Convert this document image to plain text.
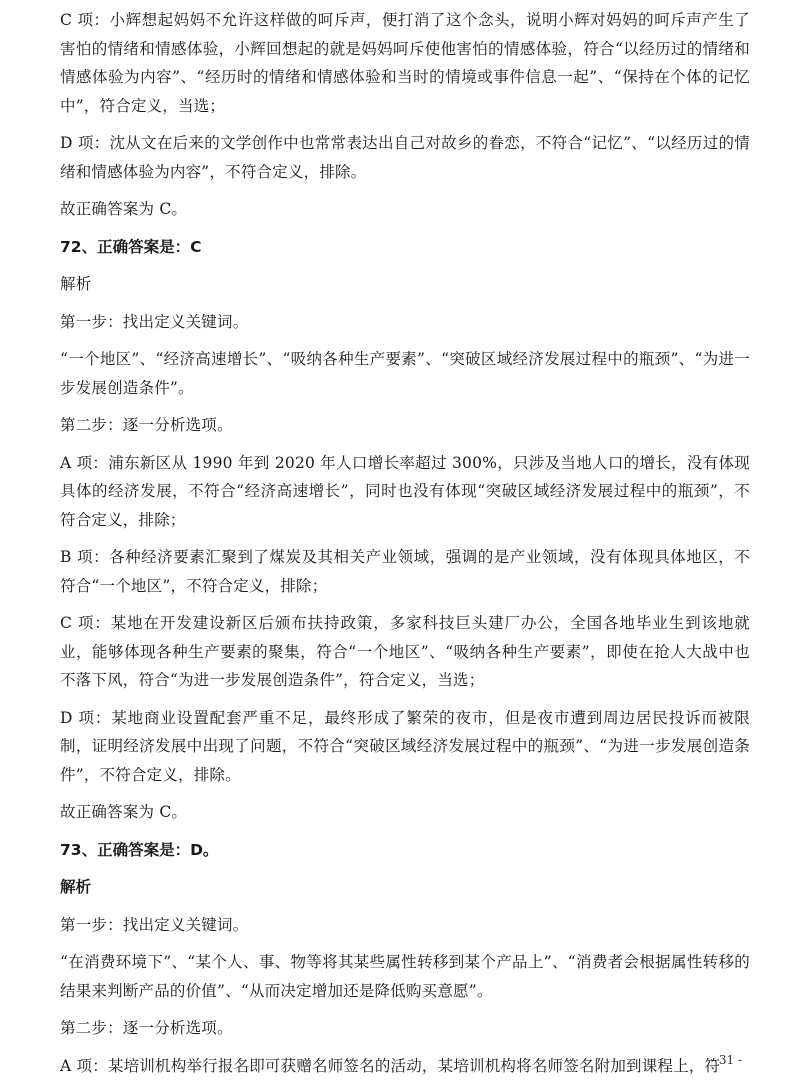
C 项：小辉想起妈妈不允许这样做的呵斥声，便打消了这个念头，说明小辉对妈妈的呵斥声产生了害怕的情绪和情感体验，小辉回想起的就是妈妈呵斥使他害怕的情感体验，符合“以经历过的情绪和情感体验为内容”、“经历时的情绪和情感体验和当时的情境或事件信息一起”、“保持在个体的记忆中”，符合定义，当选；

D 项：沈从文在后来的文学创作中也常常表达出自己对故乡的眷恋，不符合“记忆”、“以经历过的情绪和情感体验为内容”，不符合定义，排除。

故正确答案为 C。

72、正确答案是：C

解析

第一步：找出定义关键词。

“一个地区”、“经济高速增长”、“吸纳各种生产要素”、“突破区域经济发展过程中的瓶颈”、“为进一步发展创造条件”。

第二步：逐一分析选项。

A 项：浦东新区从 1990 年到 2020 年人口增长率超过 300%，只涉及当地人口的增长，没有体现具体的经济发展，不符合“经济高速增长”，同时也没有体现“突破区域经济发展过程中的瓶颈”，不符合定义，排除；

B 项：各种经济要素汇聚到了煤炭及其相关产业领域，强调的是产业领域，没有体现具体地区，不符合“一个地区”，不符合定义，排除；

C 项：某地在开发建设新区后颁布扶持政策，多家科技巨头建厂办公，全国各地毕业生到该地就业，能够体现各种生产要素的聚集，符合“一个地区”、“吸纳各种生产要素”，即使在抢人大战中也不落下风，符合“为进一步发展创造条件”，符合定义，当选；

D 项：某地商业设置配套严重不足，最终形成了繁荣的夜市，但是夜市遭到周边居民投诉而被限制，证明经济发展中出现了问题，不符合“突破区域经济发展过程中的瓶颈”、“为进一步发展创造条件”，不符合定义，排除。

故正确答案为 C。

73、正确答案是：D。

解析

第一步：找出定义关键词。

“在消费环境下”、“某个人、事、物等将其某些属性转移到某个产品上”、“消费者会根据属性转移的结果来判断产品的价值”、“从而决定增加还是降低购买意愿”。

第二步：逐一分析选项。

A 项：某培训机构举行报名即可获赠名师签名的活动，某培训机构将名师签名附加到课程上，符

- 31 -
